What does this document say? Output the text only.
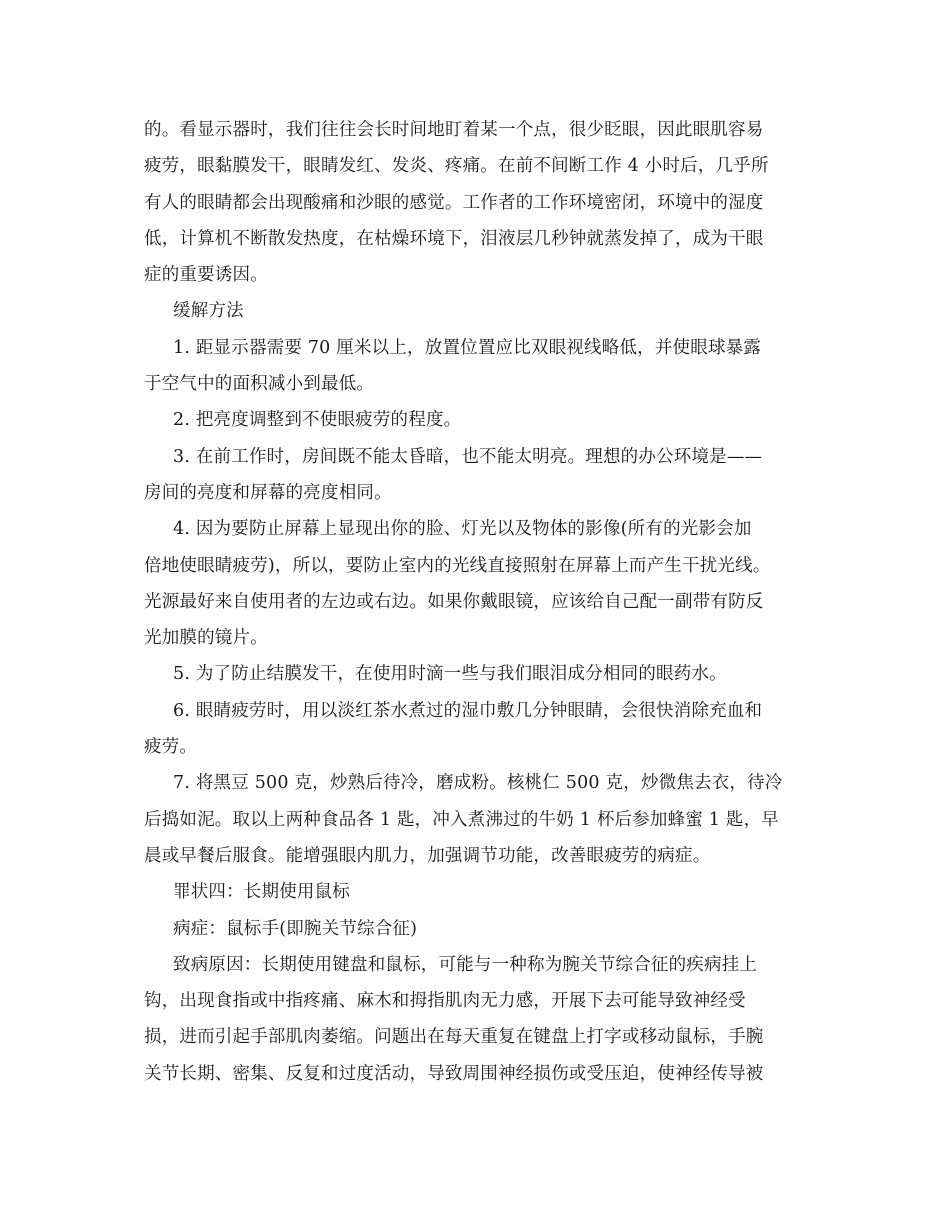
的。看显示器时，我们往往会长时间地盯着某一个点，很少眨眼，因此眼肌容易
疲劳，眼黏膜发干，眼睛发红、发炎、疼痛。在前不间断工作 4 小时后，几乎所
有人的眼睛都会出现酸痛和沙眼的感觉。工作者的工作环境密闭，环境中的湿度
低，计算机不断散发热度，在枯燥环境下，泪液层几秒钟就蒸发掉了，成为干眼
症的重要诱因。
缓解方法
1. 距显示器需要 70 厘米以上，放置位置应比双眼视线略低，并使眼球暴露
于空气中的面积减小到最低。
2. 把亮度调整到不使眼疲劳的程度。
3. 在前工作时，房间既不能太昏暗，也不能太明亮。理想的办公环境是——
房间的亮度和屏幕的亮度相同。
4. 因为要防止屏幕上显现出你的脸、灯光以及物体的影像(所有的光影会加
倍地使眼睛疲劳)，所以，要防止室内的光线直接照射在屏幕上而产生干扰光线。
光源最好来自使用者的左边或右边。如果你戴眼镜，应该给自己配一副带有防反
光加膜的镜片。
5. 为了防止结膜发干，在使用时滴一些与我们眼泪成分相同的眼药水。
6. 眼睛疲劳时，用以淡红茶水煮过的湿巾敷几分钟眼睛，会很快消除充血和
疲劳。
7. 将黑豆 500 克，炒熟后待冷，磨成粉。核桃仁 500 克，炒微焦去衣，待冷
后捣如泥。取以上两种食品各 1 匙，冲入煮沸过的牛奶 1 杯后参加蜂蜜 1 匙，早
晨或早餐后服食。能增强眼内肌力，加强调节功能，改善眼疲劳的病症。
罪状四：长期使用鼠标
病症：鼠标手(即腕关节综合征)
致病原因：长期使用键盘和鼠标，可能与一种称为腕关节综合征的疾病挂上
钩，出现食指或中指疼痛、麻木和拇指肌肉无力感，开展下去可能导致神经受
损，进而引起手部肌肉萎缩。问题出在每天重复在键盘上打字或移动鼠标，手腕
关节长期、密集、反复和过度活动，导致周围神经损伤或受压迫，使神经传导被
